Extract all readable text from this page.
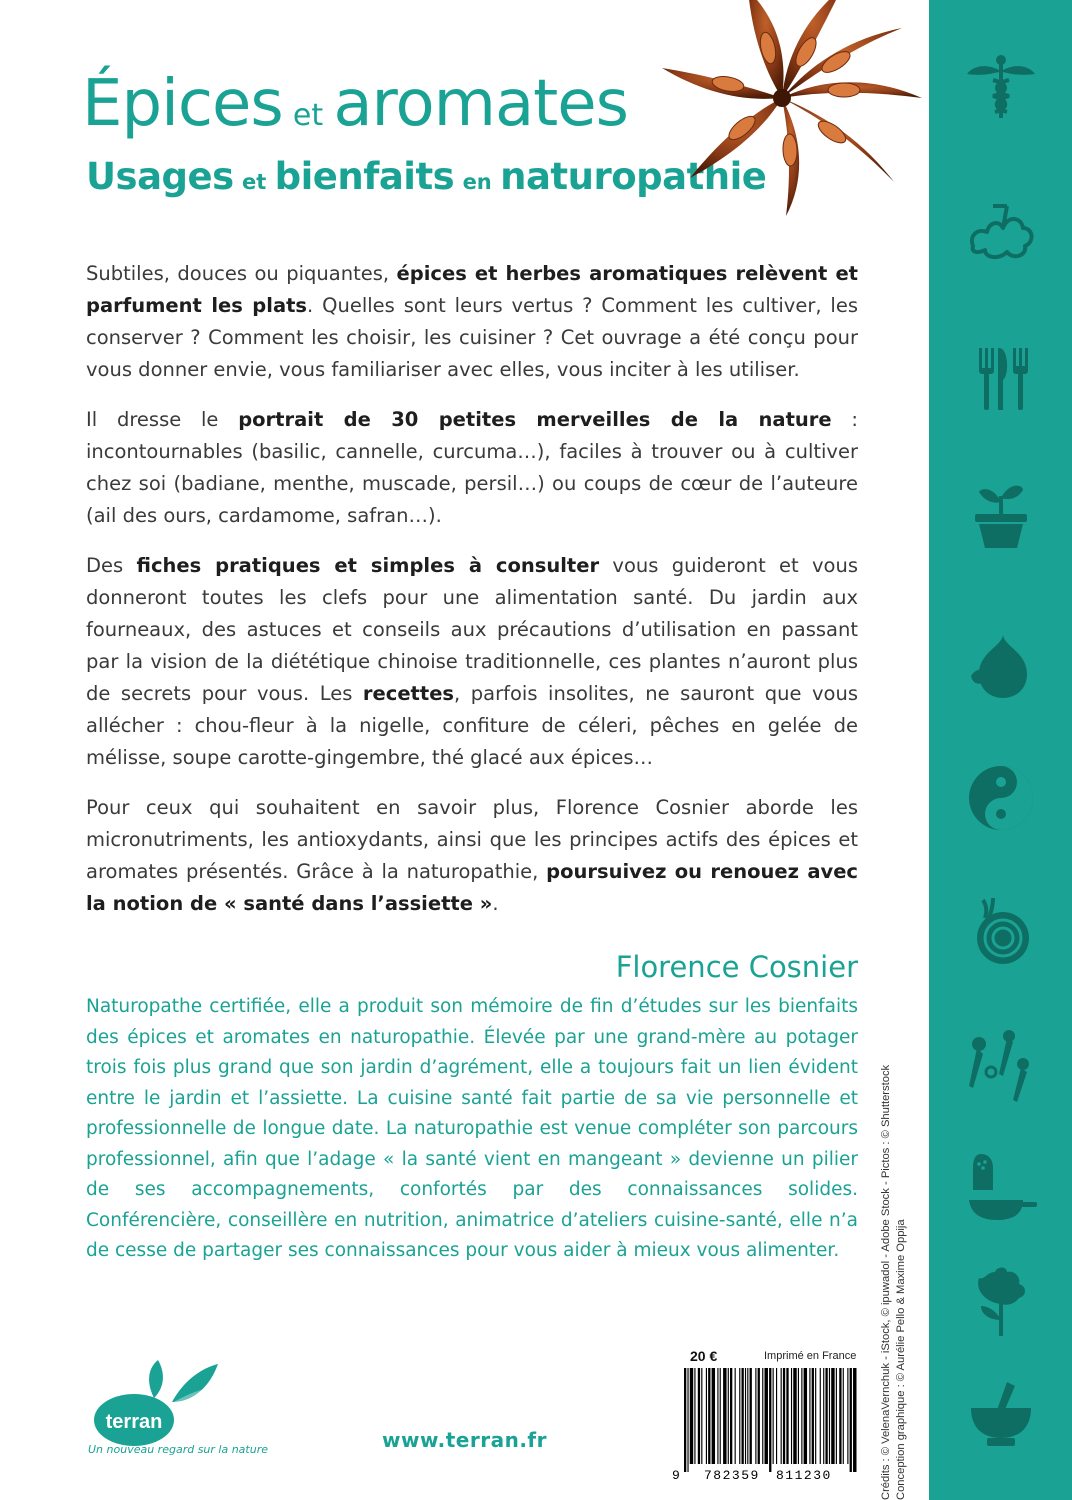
Épices et aromates
Usages et bienfaits en naturopathie

Subtiles, douces ou piquantes, épices et herbes aromatiques relèvent et parfument les plats. Quelles sont leurs vertus ? Comment les cultiver, les conserver ? Comment les choisir, les cuisiner ? Cet ouvrage a été conçu pour vous donner envie, vous familiariser avec elles, vous inciter à les utiliser.

Il dresse le portrait de 30 petites merveilles de la nature : incontournables (basilic, cannelle, curcuma…), faciles à trouver ou à cultiver chez soi (badiane, menthe, muscade, persil…) ou coups de cœur de l’auteure (ail des ours, cardamome, safran…).

Des fiches pratiques et simples à consulter vous guideront et vous donneront toutes les clefs pour une alimentation santé. Du jardin aux fourneaux, des astuces et conseils aux précautions d’utilisation en passant par la vision de la diététique chinoise traditionnelle, ces plantes n’auront plus de secrets pour vous. Les recettes, parfois insolites, ne sauront que vous allécher : chou-fleur à la nigelle, confiture de céleri, pêches en gelée de mélisse, soupe carotte-gingembre, thé glacé aux épices…

Pour ceux qui souhaitent en savoir plus, Florence Cosnier aborde les micronutriments, les antioxydants, ainsi que les principes actifs des épices et aromates présentés. Grâce à la naturopathie, poursuivez ou renouez avec la notion de « santé dans l’assiette ».

Florence Cosnier

Naturopathe certifiée, elle a produit son mémoire de fin d’études sur les bienfaits des épices et aromates en naturopathie. Élevée par une grand-mère au potager trois fois plus grand que son jardin d’agrément, elle a toujours fait un lien évident entre le jardin et l’assiette. La cuisine santé fait partie de sa vie personnelle et professionnelle de longue date. La naturopathie est venue compléter son parcours professionnel, afin que l’adage « la santé vient en mangeant » devienne un pilier de ses accompagnements, confortés par des connaissances solides. Conférencière, conseillère en nutrition, animatrice d’ateliers cuisine-santé, elle n’a de cesse de partager ses connaissances pour vous aider à mieux vous alimenter.

terran
Un nouveau regard sur la nature	www.terran.fr
20 €	Imprimé en France
9 782359 811230	Crédits : © VelenaVernchuk - iStock, © ipuwadol - Adobe Stock - Pictos : © Shutterstock Conception graphique : © Aurélie Pello & Maxime Oppija
